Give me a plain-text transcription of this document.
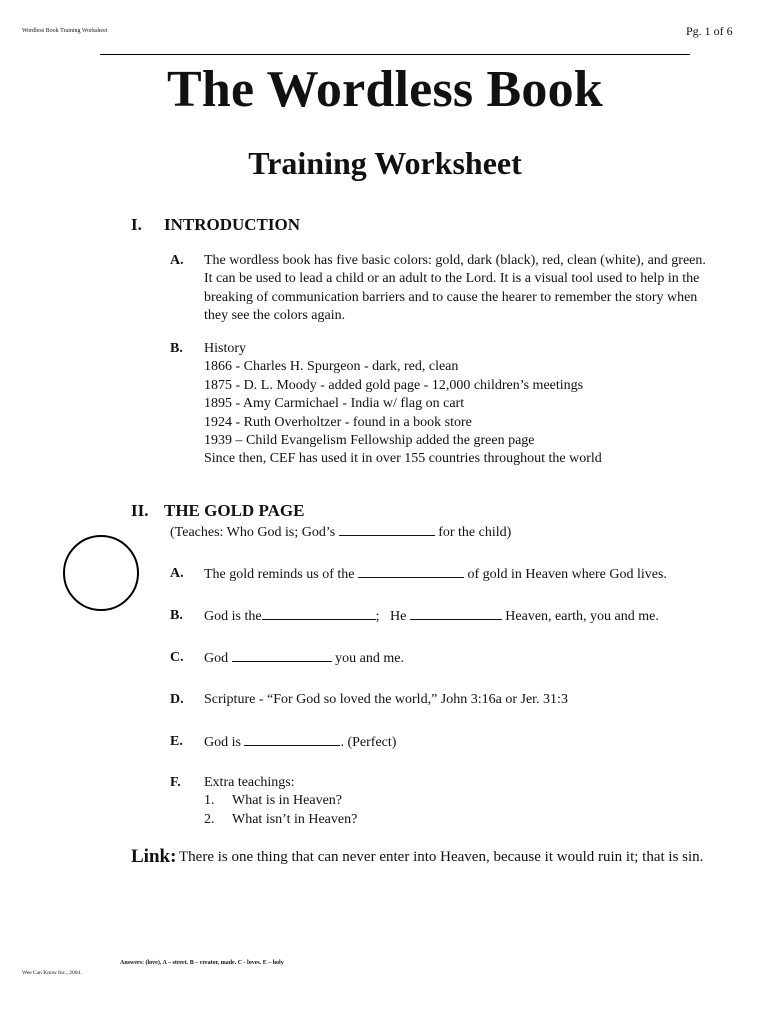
Wordless Book Training Worksheet	Pg. 1 of 6
The Wordless Book
Training Worksheet
I. INTRODUCTION
A. The wordless book has five basic colors: gold, dark (black), red, clean (white), and green.
It can be used to lead a child or an adult to the Lord. It is a visual tool used to help in the
breaking of communication barriers and to cause the hearer to remember the story when
they see the colors again.
B. History
1866 - Charles H. Spurgeon - dark, red, clean
1875 - D. L. Moody - added gold page - 12,000 children’s meetings
1895 - Amy Carmichael - India w/ flag on cart
1924 - Ruth Overholtzer - found in a book store
1939 – Child Evangelism Fellowship added the green page
Since then, CEF has used it in over 155 countries throughout the world
II. THE GOLD PAGE
(Teaches: Who God is; God’s	for the child)
A. The gold reminds us of the	of gold in Heaven where God lives.
B. God is the	;   He	Heaven, earth, you and me.
C. God	you and me.
D. Scripture - “For God so loved the world,” John 3:16a or Jer. 31:3
E. God is	. (Perfect)
F. Extra teachings:
1. What is in Heaven?
2. What isn’t in Heaven?
Link: There is one thing that can never enter into Heaven, because it would ruin it; that is sin.
Answers: (love), A – street. B – creator, made. C - loves. E – holy
Wee Can Know Inc., 2004.
